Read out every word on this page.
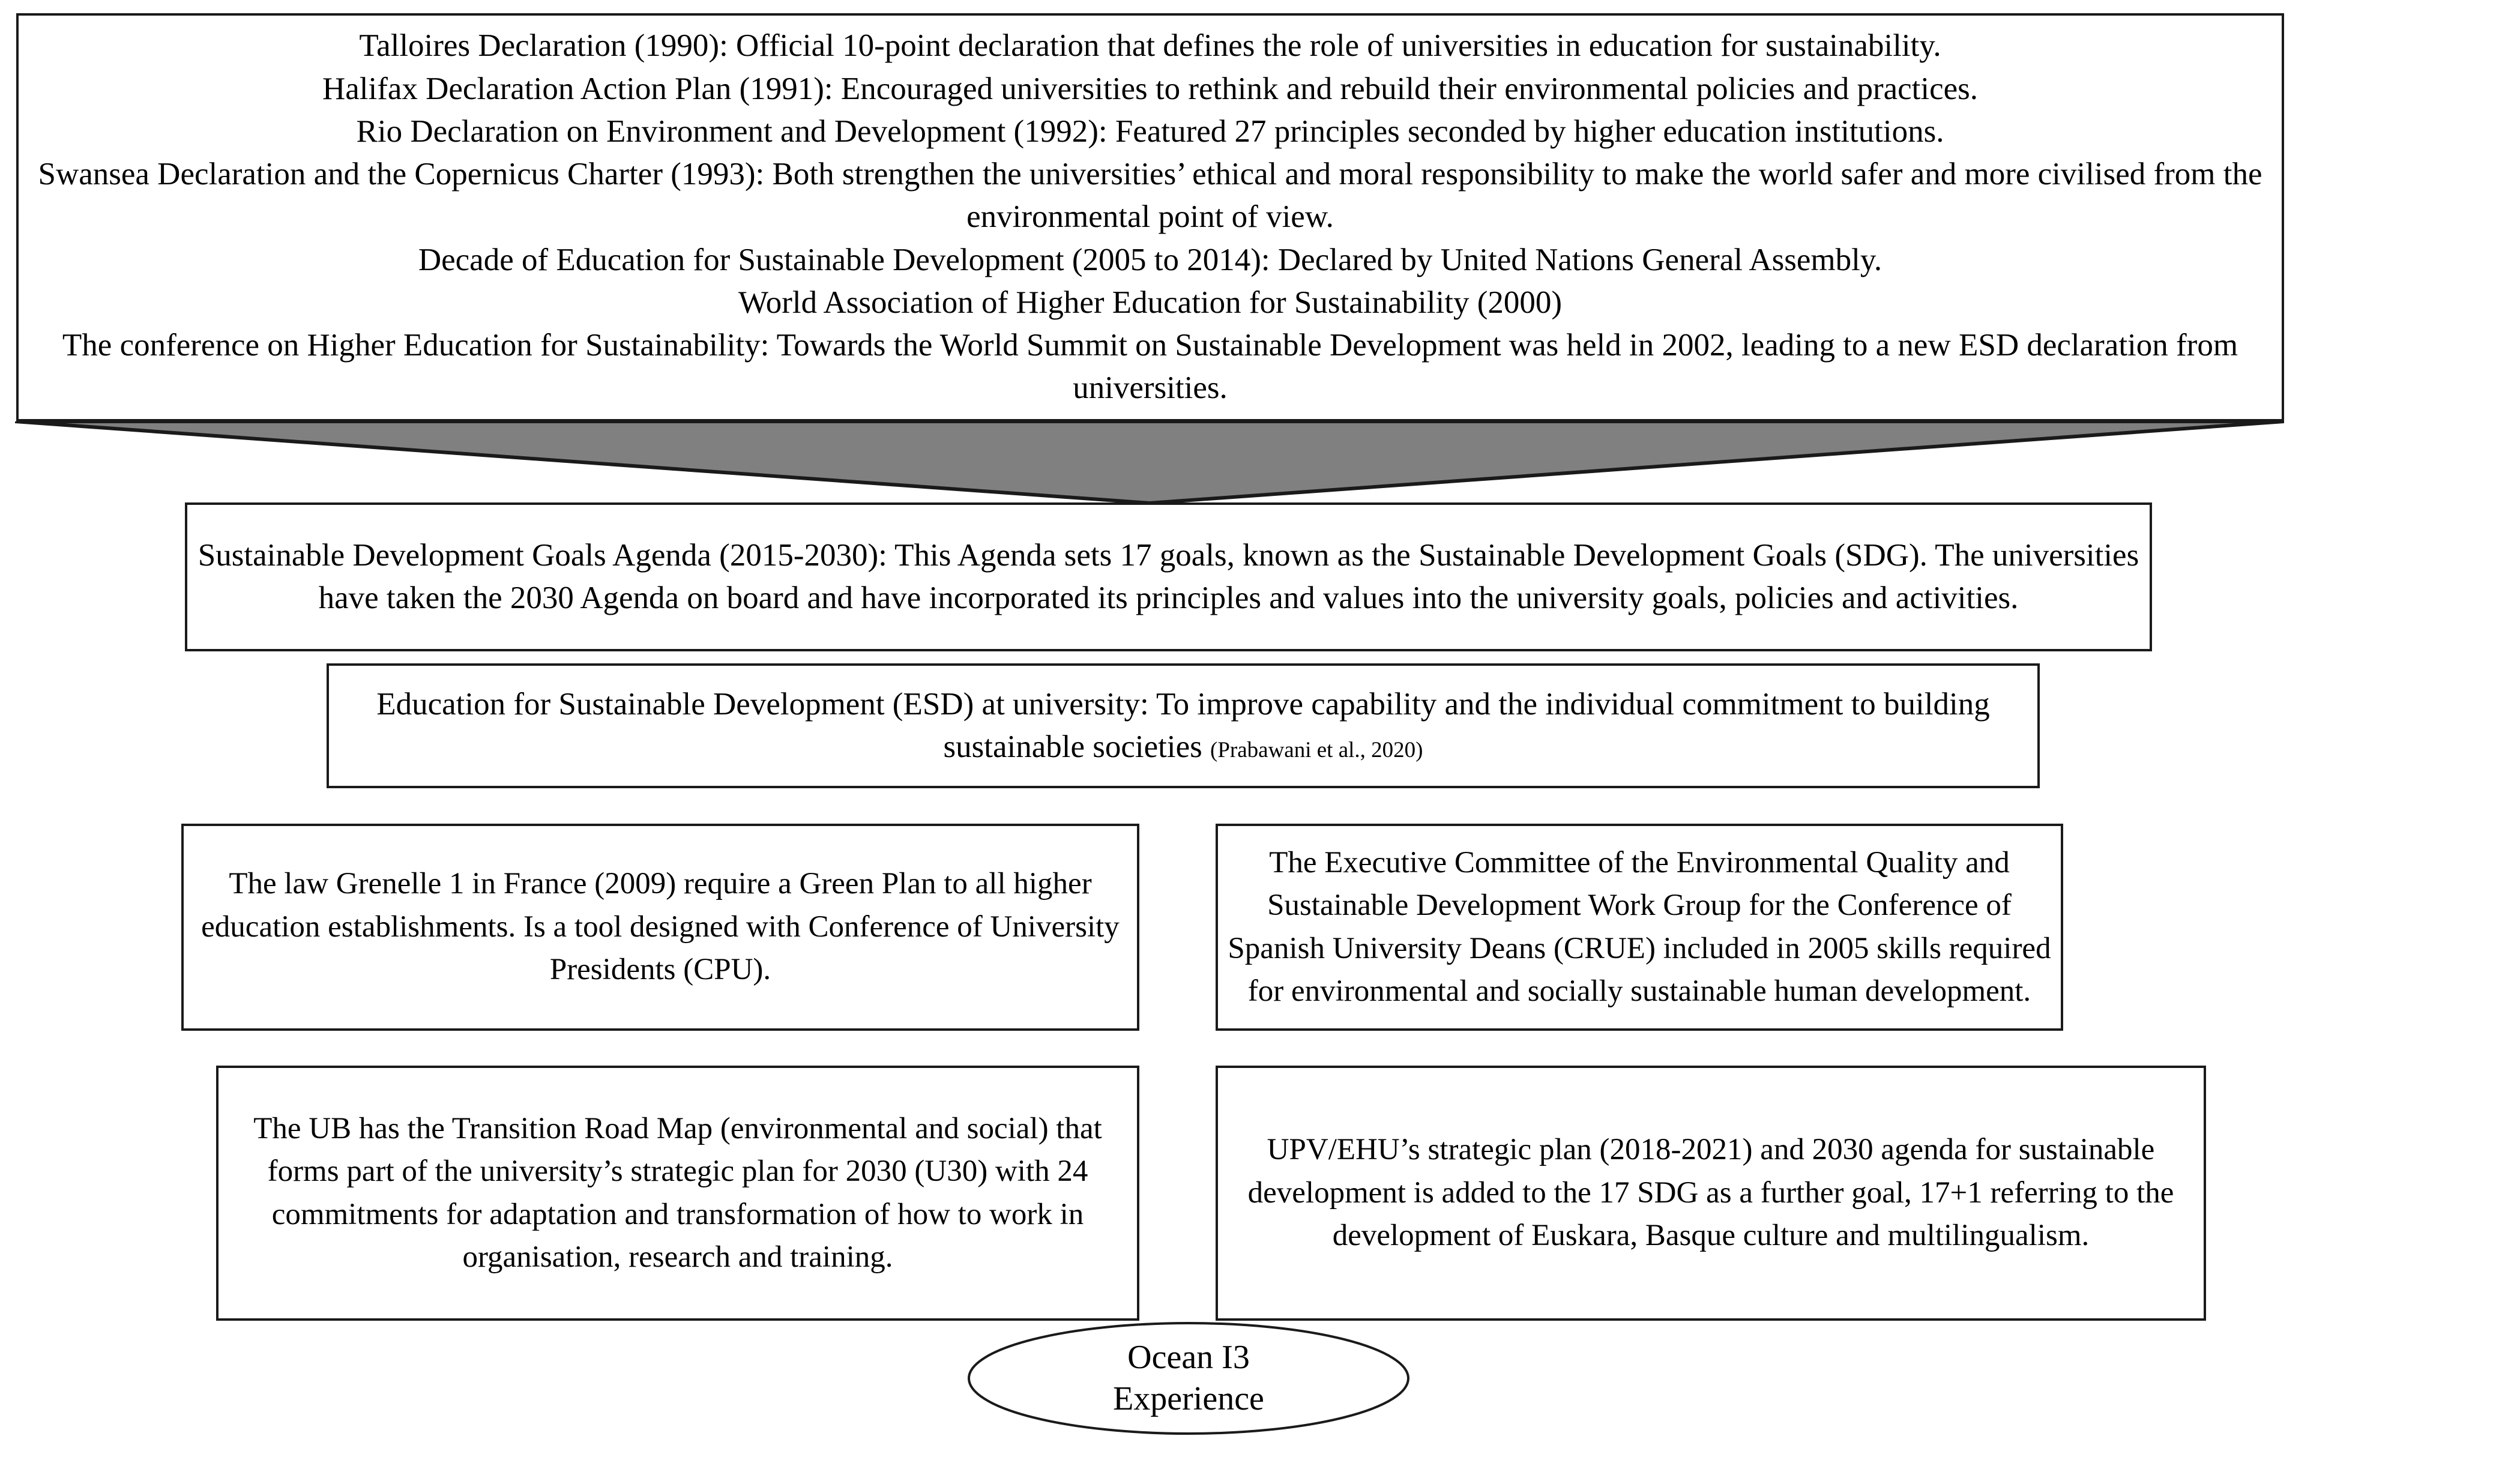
Talloires Declaration (1990): Official 10-point declaration that defines the role of universities in education for sustainability.

Halifax Declaration Action Plan (1991): Encouraged universities to rethink and rebuild their environmental policies and practices.

Rio Declaration on Environment and Development (1992): Featured 27 principles seconded by higher education institutions.

Swansea Declaration and the Copernicus Charter (1993): Both strengthen the universities’ ethical and moral responsibility to make the world safer and more civilised from the environmental point of view.

Decade of Education for Sustainable Development (2005 to 2014): Declared by United Nations General Assembly.

World Association of Higher Education for Sustainability (2000)

The conference on Higher Education for Sustainability: Towards the World Summit on Sustainable Development was held in 2002, leading to a new ESD declaration from universities.

Sustainable Development Goals Agenda (2015-2030): This Agenda sets 17 goals, known as the Sustainable Development Goals (SDG). The universities have taken the 2030 Agenda on board and have incorporated its principles and values into the university goals, policies and activities.

Education for Sustainable Development (ESD) at university: To improve capability and the individual commitment to building sustainable societies (Prabawani et al., 2020)

The law Grenelle 1 in France (2009) require a Green Plan to all higher education establishments. Is a tool designed with Conference of University Presidents (CPU).

The Executive Committee of the Environmental Quality and Sustainable Development Work Group for the Conference of Spanish University Deans (CRUE) included in 2005 skills required for environmental and socially sustainable human development.

The UB has the Transition Road Map (environmental and social) that forms part of the university’s strategic plan for 2030 (U30) with 24 commitments for adaptation and transformation of how to work in organisation, research and training.

UPV/EHU’s strategic plan (2018-2021) and 2030 agenda for sustainable development is added to the 17 SDG as a further goal, 17+1 referring to the development of Euskara, Basque culture and multilingualism.

Ocean I3
Experience
